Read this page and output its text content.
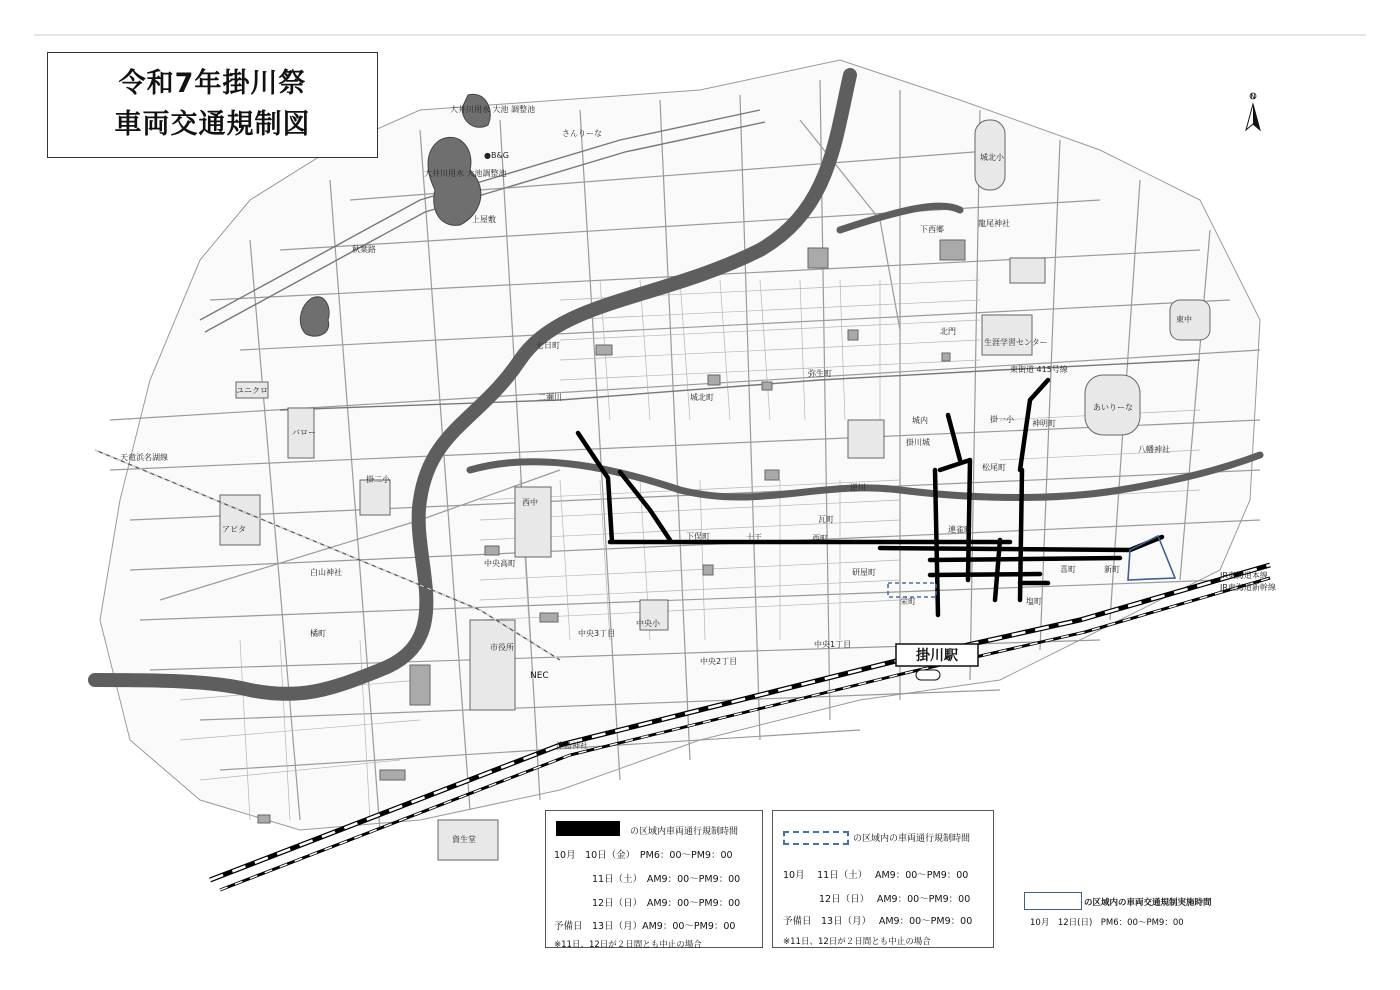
掛川駅
N
さんりーな
●B&G
上屋敷
秋葉路
ユニクロ
バロー
掛二小
西中
アピタ
市役所
NEC
中央小
資生堂
城北小
東中
生涯学習センター
あいりーな
掛川城
七日町
二瀬川	城北町
弥生町
北門
下西郷
城内	掛一小
松尾町
神明町
下俣町	十王
瓦町
西町
研屋町
連雀町
新町
塩町
喜町
栄町
中央高町
橘町	中央3丁目
中央2丁目
中央1丁目
天竜浜名湖線
JR東海道新幹線
JR東海道本線
逆川
龍尾神社
白山神社
八幡神社
津島神社
東街道 415号線
大井川用水 大池調整池
大井川用水 大池 調整池
令和7年掛川祭
車両交通規制図
の区域内車両通行規制時間
10月　10日（金）　PM6：00～PM9：00
11日（土）　AM9：00～PM9：00
12日（日）　AM9：00～PM9：00
予備日　13日（月）AM9：00～PM9：00
※11日、12日が２日間とも中止の場合
の区域内の車両通行規制時間
10月　 11日（土）　 AM9：00～PM9：00
12日（日）　 AM9：00～PM9：00
予備日　13日（月）　 AM9：00～PM9：00
※11日、12日が２日間とも中止の場合
の区域内の車両交通規制実施時間
10月　12日(日)　PM6：00～PM9：00
